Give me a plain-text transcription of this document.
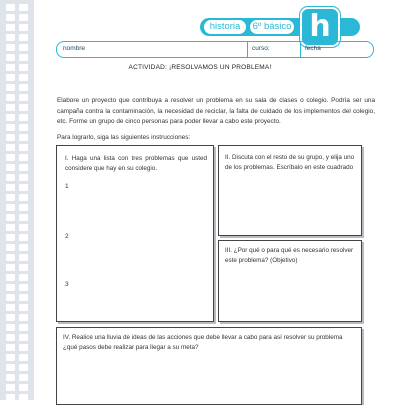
historia	6º básico h
nombre	curso:	fecha
ACTIVIDAD: ¡RESOLVAMOS UN PROBLEMA!
Elabore un proyecto que contribuya a resolver un problema en su sala de clases o colegio. Podría ser una campaña contra la contaminación, la necesidad de reciclar, la falta de cuidado de los implementos del colegio, etc. Forme un grupo de cinco personas para poder llevar a cabo este proyecto.
Para lograrlo, siga las siguientes instrucciones:
I. Haga una lista con tres problemas que usted considere que hay en su colegio.
1
2
3
II. Discuta con el resto de su grupo, y elija uno de los problemas. Escríbalo en este cuadrado
III. ¿Por qué o para qué es necesario resolver este problema? (Objetivo)
IV. Realice una lluvia de ideas de las acciones que debe llevar a cabo para así resolver su problema ¿qué pasos debe realizar para llegar a su meta?
